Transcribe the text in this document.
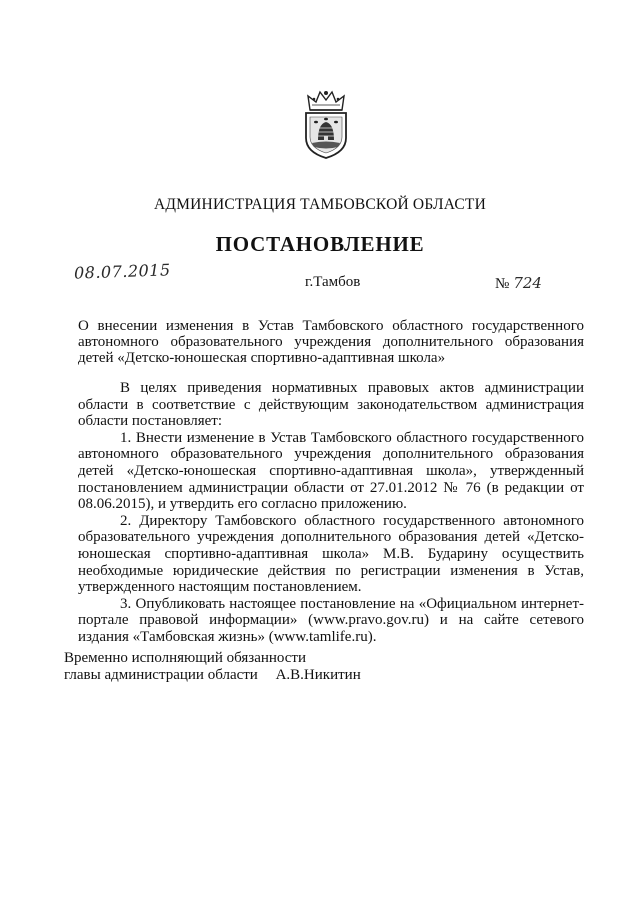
АДМИНИСТРАЦИЯ ТАМБОВСКОЙ ОБЛАСТИ
ПОСТАНОВЛЕНИЕ
08.07.2015	г.Тамбов	№ 724
О внесении изменения в Устав Тамбовского областного государственного автономного образовательного учреждения дополнительного образования детей «Детско-юношеская спортивно-адаптивная школа»

В целях приведения нормативных правовых актов администрации области в соответствие с действующим законодательством администрация области постановляет:

1. Внести изменение в Устав Тамбовского областного государственного автономного образовательного учреждения дополнительного образования детей «Детско-юношеская спортивно-адаптивная школа», утвержденный постановлением администрации области от 27.01.2012 № 76 (в редакции от 08.06.2015), и утвердить его согласно приложению.

2. Директору Тамбовского областного государственного автономного образовательного учреждения дополнительного образования детей «Детско-юношеская спортивно-адаптивная школа» М.В. Бударину осуществить необходимые юридические действия по регистрации изменения в Устав, утвержденного настоящим постановлением.

3. Опубликовать настоящее постановление на «Официальном интернет-портале правовой информации» (www.pravo.gov.ru) и на сайте сетевого издания «Тамбовская жизнь» (www.tamlife.ru).

Временно исполняющий обязанности
главы администрации области А.В.Никитин
